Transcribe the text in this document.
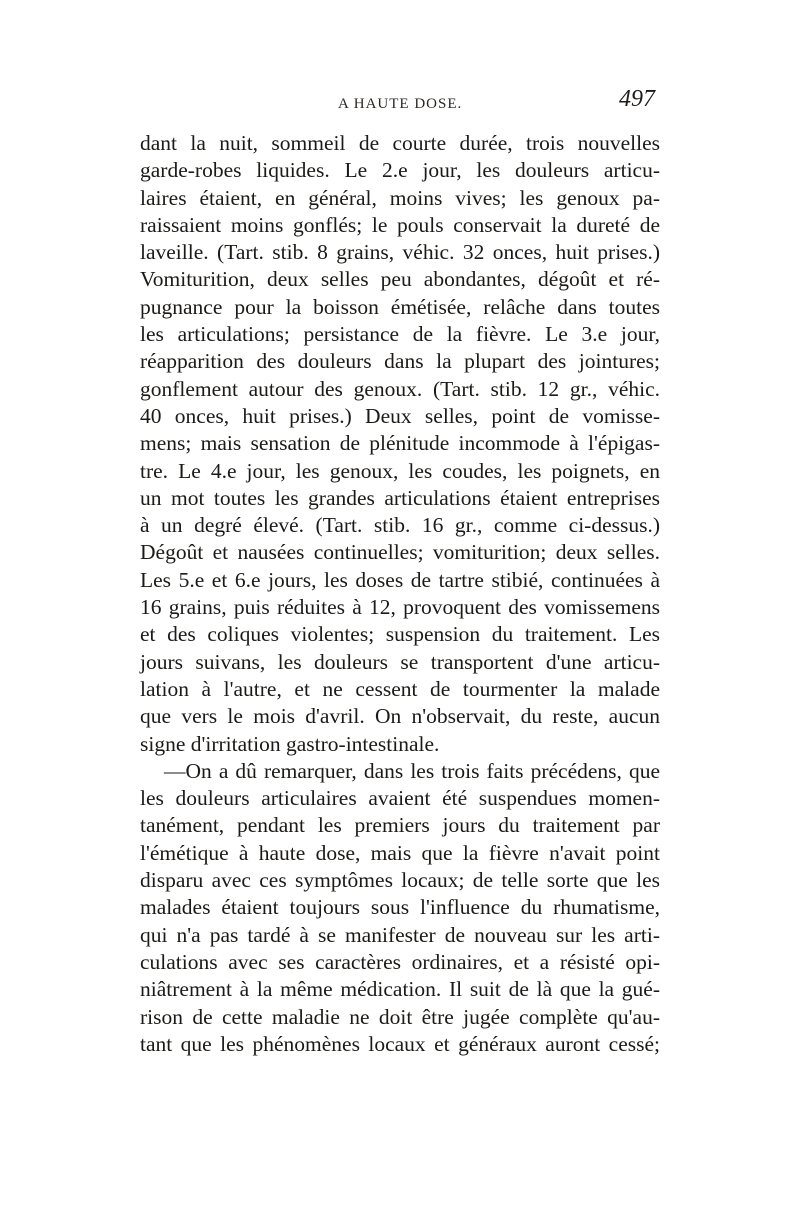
A HAUTE DOSE.	497
dant la nuit, sommeil de courte durée, trois nouvelles
garde-robes liquides. Le 2.e jour, les douleurs articu-
laires étaient, en général, moins vives; les genoux pa-
raissaient moins gonflés; le pouls conservait la dureté de
laveille. (Tart. stib. 8 grains, véhic. 32 onces, huit prises.)
Vomiturition, deux selles peu abondantes, dégoût et ré-
pugnance pour la boisson émétisée, relâche dans toutes
les articulations; persistance de la fièvre. Le 3.e jour,
réapparition des douleurs dans la plupart des jointures;
gonflement autour des genoux. (Tart. stib. 12 gr., véhic.
40 onces, huit prises.) Deux selles, point de vomisse-
mens; mais sensation de plénitude incommode à l'épigas-
tre. Le 4.e jour, les genoux, les coudes, les poignets, en
un mot toutes les grandes articulations étaient entreprises
à un degré élevé. (Tart. stib. 16 gr., comme ci-dessus.)
Dégoût et nausées continuelles; vomiturition; deux selles.
Les 5.e et 6.e jours, les doses de tartre stibié, continuées à
16 grains, puis réduites à 12, provoquent des vomissemens
et des coliques violentes; suspension du traitement. Les
jours suivans, les douleurs se transportent d'une articu-
lation à l'autre, et ne cessent de tourmenter la malade
que vers le mois d'avril. On n'observait, du reste, aucun
signe d'irritation gastro-intestinale.
—On a dû remarquer, dans les trois faits précédens, que
les douleurs articulaires avaient été suspendues momen-
tanément, pendant les premiers jours du traitement par
l'émétique à haute dose, mais que la fièvre n'avait point
disparu avec ces symptômes locaux; de telle sorte que les
malades étaient toujours sous l'influence du rhumatisme,
qui n'a pas tardé à se manifester de nouveau sur les arti-
culations avec ses caractères ordinaires, et a résisté opi-
niâtrement à la même médication. Il suit de là que la gué-
rison de cette maladie ne doit être jugée complète qu'au-
tant que les phénomènes locaux et généraux auront cessé;
